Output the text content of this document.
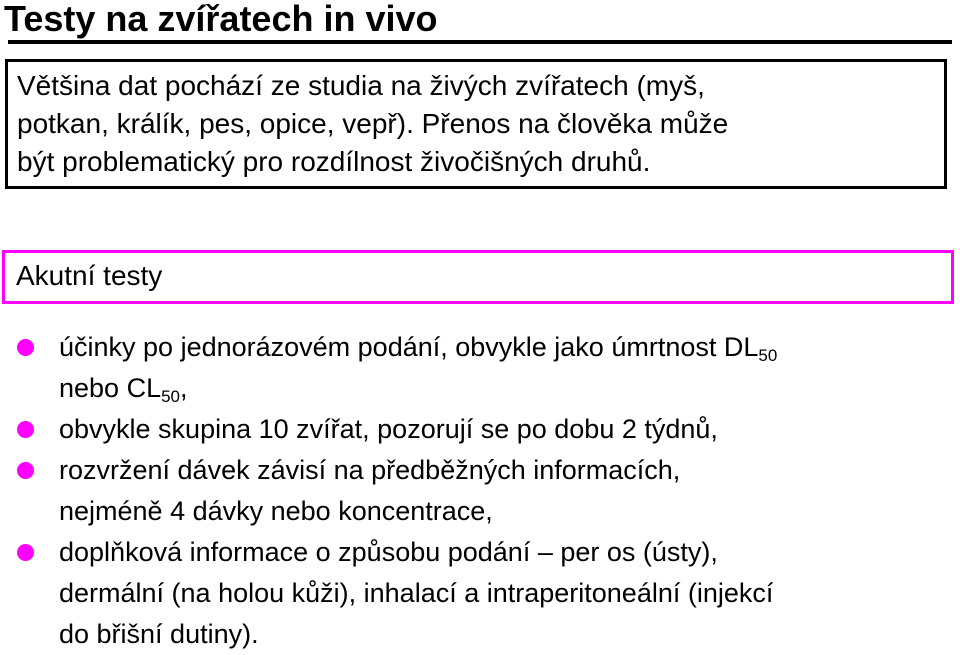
Testy na zvířatech in vivo
Většina dat pochází ze studia na živých zvířatech (myš,
potkan, králík, pes, opice, vepř). Přenos na člověka může
být problematický pro rozdílnost živočišných druhů.
Akutní testy
účinky po jednorázovém podání, obvykle jako úmrtnost $DL_{50}$
nebo $CL_{50}$,
obvykle skupina 10 zvířat, pozorují se po dobu 2 týdnů,
rozvržení dávek závisí na předběžných informacích,
nejméně 4 dávky nebo koncentrace,
doplňková informace o způsobu podání – per os (ústy),
dermální (na holou kůži), inhalací a intraperitoneální (injekcí
do břišní dutiny).
